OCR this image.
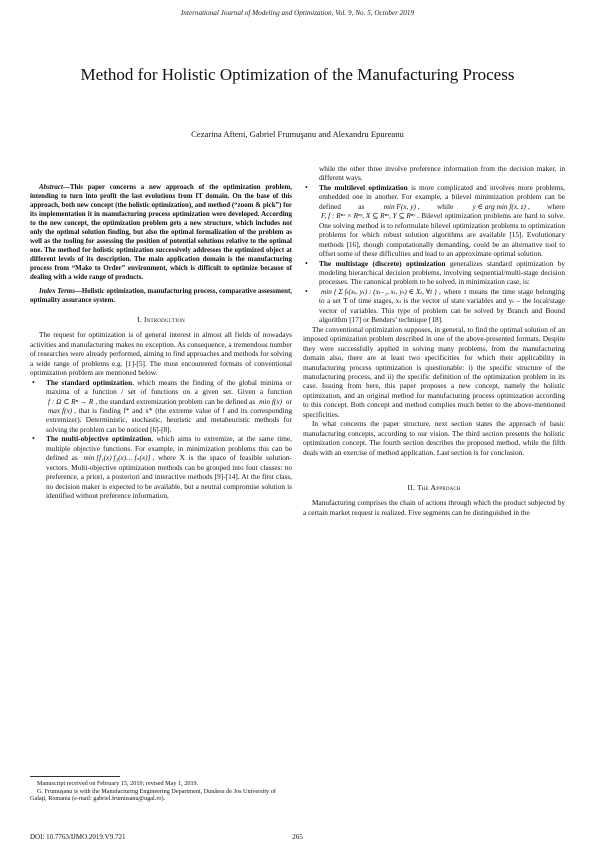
International Journal of Modeling and Optimization, Vol. 9, No. 5, October 2019
Method for Holistic Optimization of the Manufacturing Process
Cezarina Afteni, Gabriel Frumuşanu and Alexandru Epureanu

Abstract—This paper concerns a new approach of the optimization problem, intending to turn into profit the last evolutions from IT domain. On the base of this approach, both new concept (the holistic optimization), and method (“zoom & pick”) for its implementation it in manufacturing process optimization were developed. According to the new concept, the optimization problem gets a new structure, which includes not only the optimal solution finding, but also the optimal formalization of the problem as well as the tooling for assessing the position of potential solutions relative to the optimal one. The method for holistic optimization successively addresses the optimized object at different levels of its description. The main application domain is the manufacturing process from “Make to Order” environment, which is difficult to optimize because of dealing with a wide range of products.

Index Terms—Holistic optimization, manufacturing process, comparative assessment, optimality assurance system.

I. Introduction

The request for optimization is of general interest in almost all fields of nowadays activities and manufacturing makes no exception. As consequence, a tremendous number of researches were already performed, aiming to find approaches and methods for solving a wide range of problems e.g. [1]-[5]. The most encountered formats of conventional optimization problem are mentioned below.

• The standard optimization, which means the finding of the global minima or maxima of a function / set of functions on a given set. Given a function f : Ω ⊂ Rⁿ → R , the standard extremization problem can be defined as min f(x) or max f(x) , that is finding f* and x* (the extreme value of f and its corresponding extremizer). Deterministic, stochastic, heuristic and metaheuristic methods for solving the problem can be noticed [6]-[8].
• The multi-objective optimization, which aims to extremize, at the same time, multiple objective functions. For example, in minimization problems this can be defined as min [f₁(x) f₂(x)… fₙ(x)] , where X is the space of feasible solution-vectors. Multi-objective optimization methods can be grouped into four classes: no preference, a priori, a posteriori and interactive methods [9]-[14]. At the first class, no decision maker is expected to be available, but a neutral compromise solution is identified without preference information,

while the other three involve preference information from the decision maker, in different ways.

• The multilevel optimization is more complicated and involves more problems, embedded one in another. For example, a bilevel minimization problem can be defined as	min F(x, y) , while	y ∈ arg min f(x, z) , where F, f : Rⁿˣ × Rⁿʸ, X ⊆ Rⁿˣ, Y ⊆ Rⁿʸ . Bilevel optimization problems are hard to solve. One solving method is to reformulate bilevel optimization problems to optimization problems for which robust solution algorithms are available [15]. Evolutionary methods [16], though computationally demanding, could be an alternative tool to offset some of these difficulties and lead to an approximate optimal solution.
• The multistage (discrete) optimization generalizes standard optimization by modeling hierarchical decision problems, involving sequential/multi-stage decision processes. The canonical problem to be solved, in minimization case, is:
• min { Σ fₜ(xₜ, yₜ) : (xₜ₋₁, xₜ, yₜ) ∈ Xₜ, ∀t } , where t means the time stage belonging to a set T of time stages, xₜ is the vector of state variables and yₜ – the local/stage vector of variables. This type of problem can be solved by Branch and Bound algorithm [17] or Benders’ technique [18].

The conventional optimization supposes, in general, to find the optimal solution of an imposed optimization problem described in one of the above-presented formats. Despite they were successfully applied in solving many problems, from the manufacturing domain also, there are at least two specificities for which their applicability in manufacturing process optimization is questionable: i) the specific structure of the manufacturing process, and ii) the specific definition of the optimization problem in its case. Issuing from here, this paper proposes a new concept, namely the holistic optimization, and an original method for manufacturing process optimization according to this concept. Both concept and method complies much better to the above-mentioned specificities.

In what concerns the paper structure, next section states the approach of basic manufacturing concepts, according to our vision. The third section presents the holistic optimization concept. The fourth section describes the proposed method, while the fifth deals with an exercise of method application. Last section is for conclusion.

II. The Approach

Manufacturing comprises the chain of actions through which the product subjected by a certain market request is realized. Five segments can be distinguished in the

Manuscript received on February 15, 2019; revised May 1, 2019.

G. Frumuşanu is with the Manufacturing Engineering Department, Dunărea de Jos University of Galaţi, Romania (e-mail: gabriel.frumusanu@ugal.ro).

DOI: 10.7763/IJMO.2019.V9.721	265
